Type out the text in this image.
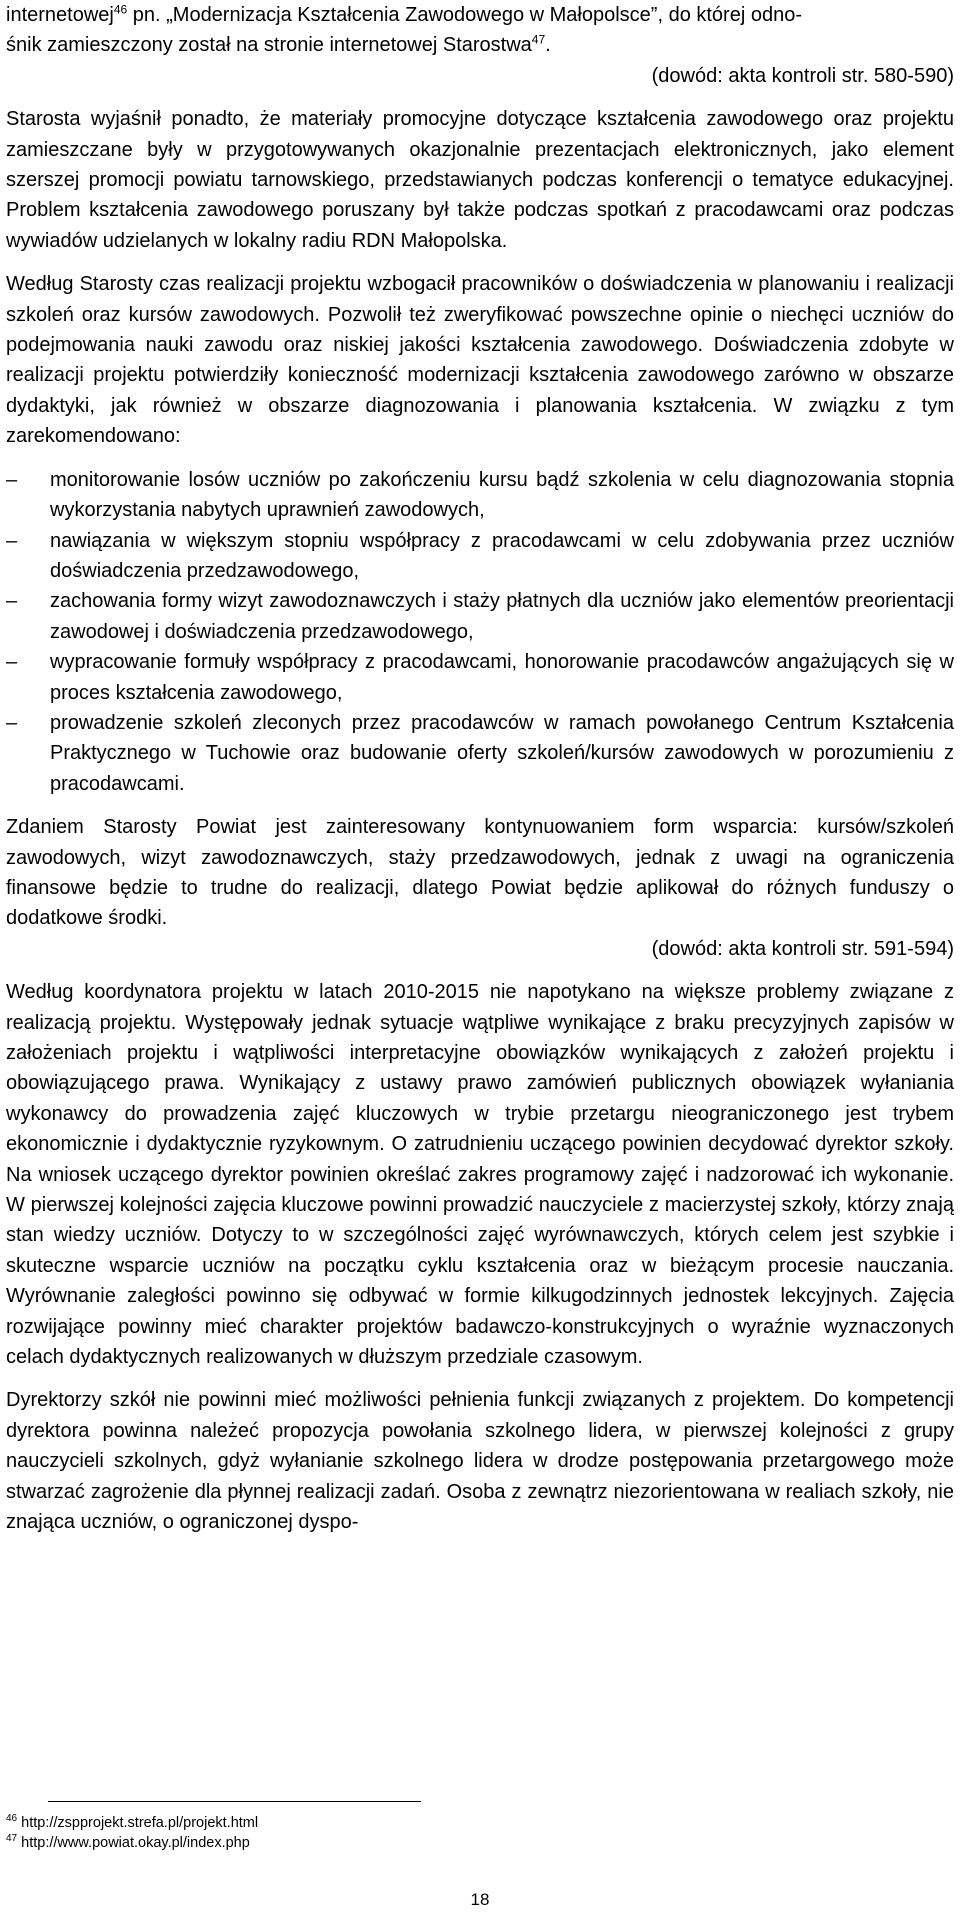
internetowej$^{46}$ pn. „Modernizacja Kształcenia Zawodowego w Małopolsce”, do której odno-
śnik zamieszczony został na stronie internetowej Starostwa$^{47}$.

(dowód: akta kontroli str. 580-590)

Starosta wyjaśnił ponadto, że materiały promocyjne dotyczące kształcenia zawodowego oraz projektu zamieszczane były w przygotowywanych okazjonalnie prezentacjach elektronicznych, jako element szerszej promocji powiatu tarnowskiego, przedstawianych podczas konferencji o tematyce edukacyjnej. Problem kształcenia zawodowego poruszany był także podczas spotkań z pracodawcami oraz podczas wywiadów udzielanych w lokalny radiu RDN Małopolska.

Według Starosty czas realizacji projektu wzbogacił pracowników o doświadczenia w planowaniu i realizacji szkoleń oraz kursów zawodowych. Pozwolił też zweryfikować powszechne opinie o niechęci uczniów do podejmowania nauki zawodu oraz niskiej jakości kształcenia zawodowego. Doświadczenia zdobyte w realizacji projektu potwierdziły konieczność modernizacji kształcenia zawodowego zarówno w obszarze dydaktyki, jak również w obszarze diagnozowania i planowania kształcenia. W związku z tym zarekomendowano:

–	monitorowanie losów uczniów po zakończeniu kursu bądź szkolenia w celu diagnozowania stopnia wykorzystania nabytych uprawnień zawodowych,
–	nawiązania w większym stopniu współpracy z pracodawcami w celu zdobywania przez uczniów doświadczenia przedzawodowego,
–	zachowania formy wizyt zawodoznawczych i staży płatnych dla uczniów jako elementów preorientacji zawodowej i doświadczenia przedzawodowego,
–	wypracowanie formuły współpracy z pracodawcami, honorowanie pracodawców angażujących się w proces kształcenia zawodowego,
–	prowadzenie szkoleń zleconych przez pracodawców w ramach powołanego Centrum Kształcenia Praktycznego w Tuchowie oraz budowanie oferty szkoleń/kursów zawodowych w porozumieniu z pracodawcami.

Zdaniem Starosty Powiat jest zainteresowany kontynuowaniem form wsparcia: kursów/szkoleń zawodowych, wizyt zawodoznawczych, staży przedzawodowych, jednak z uwagi na ograniczenia finansowe będzie to trudne do realizacji, dlatego Powiat będzie aplikował do różnych funduszy o dodatkowe środki.

(dowód: akta kontroli str. 591-594)

Według koordynatora projektu w latach 2010-2015 nie napotykano na większe problemy związane z realizacją projektu. Występowały jednak sytuacje wątpliwe wynikające z braku precyzyjnych zapisów w założeniach projektu i wątpliwości interpretacyjne obowiązków wynikających z założeń projektu i obowiązującego prawa. Wynikający z ustawy prawo zamówień publicznych obowiązek wyłaniania wykonawcy do prowadzenia zajęć kluczowych w trybie przetargu nieograniczonego jest trybem ekonomicznie i dydaktycznie ryzykownym. O zatrudnieniu uczącego powinien decydować dyrektor szkoły. Na wniosek uczącego dyrektor powinien określać zakres programowy zajęć i nadzorować ich wykonanie. W pierwszej kolejności zajęcia kluczowe powinni prowadzić nauczyciele z macierzystej szkoły, którzy znają stan wiedzy uczniów. Dotyczy to w szczególności zajęć wyrównawczych, których celem jest szybkie i skuteczne wsparcie uczniów na początku cyklu kształcenia oraz w bieżącym procesie nauczania. Wyrównanie zaległości powinno się odbywać w formie kilkugodzinnych jednostek lekcyjnych. Zajęcia rozwijające powinny mieć charakter projektów badawczo-konstrukcyjnych o wyraźnie wyznaczonych celach dydaktycznych realizowanych w dłuższym przedziale czasowym.

Dyrektorzy szkół nie powinni mieć możliwości pełnienia funkcji związanych z projektem. Do kompetencji dyrektora powinna należeć propozycja powołania szkolnego lidera, w pierwszej kolejności z grupy nauczycieli szkolnych, gdyż wyłanianie szkolnego lidera w drodze postępowania przetargowego może stwarzać zagrożenie dla płynnej realizacji zadań. Osoba z zewnątrz niezorientowana w realiach szkoły, nie znająca uczniów, o ograniczonej dyspo-

$^{46}$ http://zspprojekt.strefa.pl/projekt.html
$^{47}$ http://www.powiat.okay.pl/index.php
18
